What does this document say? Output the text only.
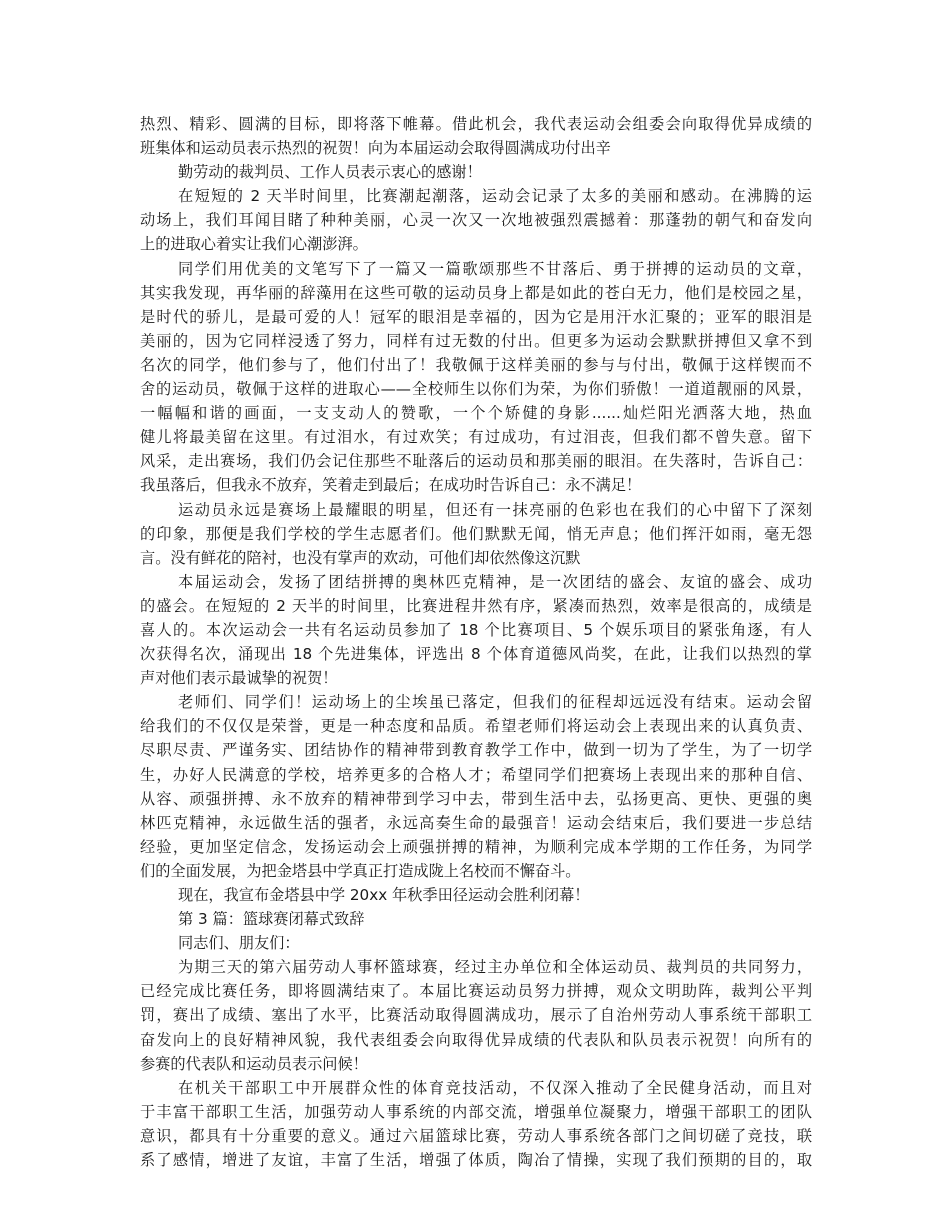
热烈、精彩、圆满的目标，即将落下帷幕。借此机会，我代表运动会组委会向取得优异成绩的
班集体和运动员表示热烈的祝贺！向为本届运动会取得圆满成功付出辛
勤劳动的裁判员、工作人员表示衷心的感谢！
在短短的 2 天半时间里，比赛潮起潮落，运动会记录了太多的美丽和感动。在沸腾的运
动场上，我们耳闻目睹了种种美丽，心灵一次又一次地被强烈震撼着：那蓬勃的朝气和奋发向
上的进取心着实让我们心潮澎湃。
同学们用优美的文笔写下了一篇又一篇歌颂那些不甘落后、勇于拼搏的运动员的文章，
其实我发现，再华丽的辞藻用在这些可敬的运动员身上都是如此的苍白无力，他们是校园之星，
是时代的骄儿，是最可爱的人！冠军的眼泪是幸福的，因为它是用汗水汇聚的；亚军的眼泪是
美丽的，因为它同样浸透了努力，同样有过无数的付出。但更多为运动会默默拼搏但又拿不到
名次的同学，他们参与了，他们付出了！我敬佩于这样美丽的参与与付出，敬佩于这样锲而不
舍的运动员，敬佩于这样的进取心——全校师生以你们为荣，为你们骄傲！一道道靓丽的风景，
一幅幅和谐的画面，一支支动人的赞歌，一个个矫健的身影......灿烂阳光洒落大地，热血
健儿将最美留在这里。有过泪水，有过欢笑；有过成功，有过泪丧，但我们都不曾失意。留下
风采，走出赛场，我们仍会记住那些不耻落后的运动员和那美丽的眼泪。在失落时，告诉自己：
我虽落后，但我永不放弃，笑着走到最后；在成功时告诉自己：永不满足！
运动员永远是赛场上最耀眼的明星，但还有一抹亮丽的色彩也在我们的心中留下了深刻
的印象，那便是我们学校的学生志愿者们。他们默默无闻，悄无声息；他们挥汗如雨，毫无怨
言。没有鲜花的陪衬，也没有掌声的欢动，可他们却依然像这沉默
本届运动会，发扬了团结拼搏的奥林匹克精神，是一次团结的盛会、友谊的盛会、成功
的盛会。在短短的 2 天半的时间里，比赛进程井然有序，紧凑而热烈，效率是很高的，成绩是
喜人的。本次运动会一共有名运动员参加了 18 个比赛项目、5 个娱乐项目的紧张角逐，有人
次获得名次，涌现出 18 个先进集体，评选出 8 个体育道德风尚奖，在此，让我们以热烈的掌
声对他们表示最诚挚的祝贺！
老师们、同学们！运动场上的尘埃虽已落定，但我们的征程却远远没有结束。运动会留
给我们的不仅仅是荣誉，更是一种态度和品质。希望老师们将运动会上表现出来的认真负责、
尽职尽责、严谨务实、团结协作的精神带到教育教学工作中，做到一切为了学生，为了一切学
生，办好人民满意的学校，培养更多的合格人才；希望同学们把赛场上表现出来的那种自信、
从容、顽强拼搏、永不放弃的精神带到学习中去，带到生活中去，弘扬更高、更快、更强的奥
林匹克精神，永远做生活的强者，永远高奏生命的最强音！运动会结束后，我们要进一步总结
经验，更加坚定信念，发扬运动会上顽强拼搏的精神，为顺利完成本学期的工作任务，为同学
们的全面发展，为把金塔县中学真正打造成陇上名校而不懈奋斗。
现在，我宣布金塔县中学 20xx 年秋季田径运动会胜利闭幕！
第 3 篇：篮球赛闭幕式致辞
同志们、朋友们：
为期三天的第六届劳动人事杯篮球赛，经过主办单位和全体运动员、裁判员的共同努力，
已经完成比赛任务，即将圆满结束了。本届比赛运动员努力拼搏，观众文明助阵，裁判公平判
罚，赛出了成绩、塞出了水平，比赛活动取得圆满成功，展示了自治州劳动人事系统干部职工
奋发向上的良好精神风貌，我代表组委会向取得优异成绩的代表队和队员表示祝贺！向所有的
参赛的代表队和运动员表示问候！
在机关干部职工中开展群众性的体育竞技活动，不仅深入推动了全民健身活动，而且对
于丰富干部职工生活，加强劳动人事系统的内部交流，增强单位凝聚力，增强干部职工的团队
意识，都具有十分重要的意义。通过六届篮球比赛，劳动人事系统各部门之间切磋了竞技，联
系了感情，增进了友谊，丰富了生活，增强了体质，陶冶了情操，实现了我们预期的目的，取
